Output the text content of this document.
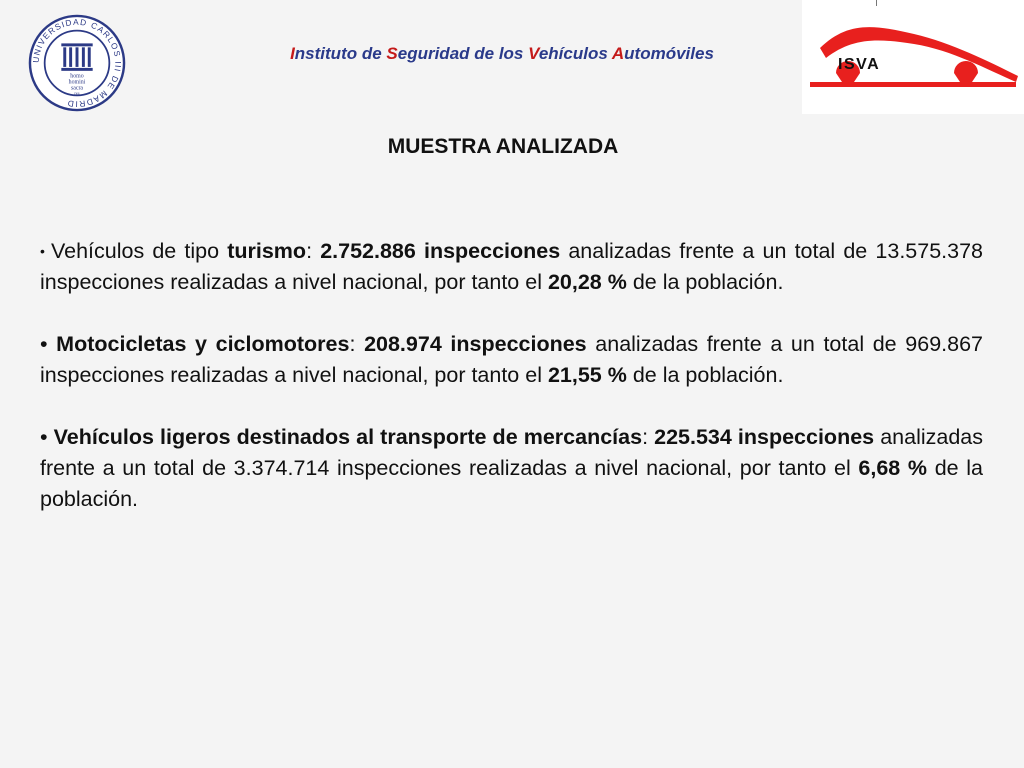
UNIVERSIDAD CARLOS III DE MADRID
homo
homini
sacra
res
Instituto de Seguridad de los Vehículos Automóviles
ISVA
MUESTRA ANALIZADA
• Vehículos de tipo turismo: 2.752.886 inspecciones analizadas frente a un total de 13.575.378 inspecciones realizadas a nivel nacional, por tanto el 20,28 % de la población.
• Motocicletas y ciclomotores: 208.974 inspecciones analizadas frente a un total de 969.867 inspecciones realizadas a nivel nacional, por tanto el 21,55 % de la población.
• Vehículos ligeros destinados al transporte de mercancías: 225.534 inspecciones analizadas frente a un total de 3.374.714 inspecciones realizadas a nivel nacional, por tanto el 6,68 % de la población.
